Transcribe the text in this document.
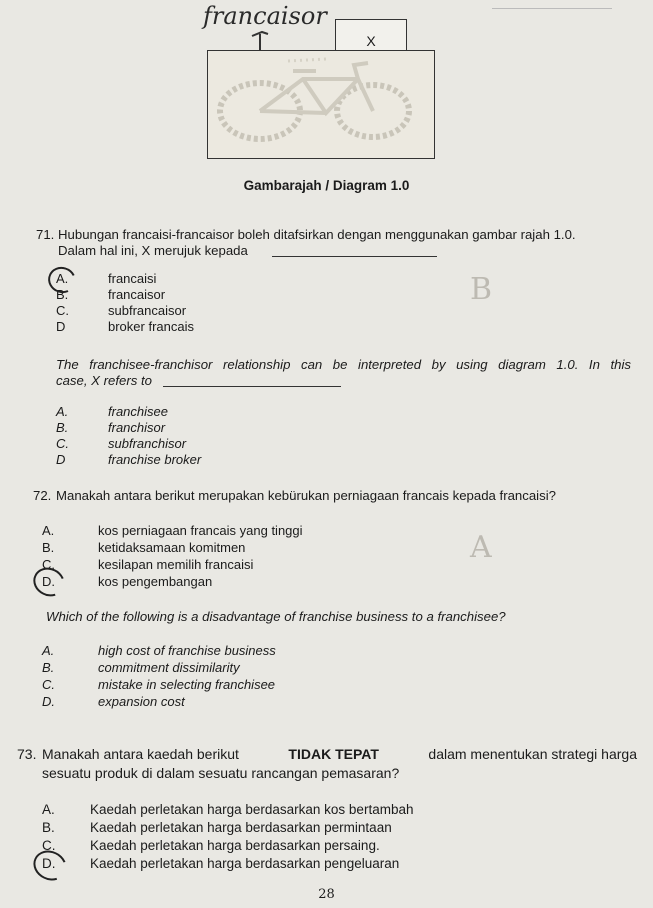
francaisor
X
Gambarajah / Diagram 1.0
71. Hubungan francaisi-francaisor boleh ditafsirkan dengan menggunakan gambar rajah 1.0.
Dalam hal ini, X merujuk kepada
A.	francaisi
B.	francaisor
C.	subfrancaisor
D	broker francais
B
The franchisee-franchisor relationship can be interpreted by using diagram 1.0. In this
case, X refers to
A.	franchisee
B.	franchisor
C.	subfranchisor
D	franchise broker
72. Manakah antara berikut merupakan kebürukan perniagaan francais kepada francaisi?
A.	kos perniagaan francais yang tinggi
B.	ketidaksamaan komitmen
C.	kesilapan memilih francaisi
D.	kos pengembangan
A
Which of the following is a disadvantage of franchise business to a franchisee?
A.	high cost of franchise business
B.	commitment dissimilarity
C.	mistake in selecting franchisee
D.	expansion cost
73. Manakah antara kaedah berikut	TIDAK TEPAT	dalam menentukan strategi harga
sesuatu produk di dalam sesuatu rancangan pemasaran?
A.	Kaedah perletakan harga berdasarkan kos bertambah
B.	Kaedah perletakan harga berdasarkan permintaan
C.	Kaedah perletakan harga berdasarkan persaing.
D.	Kaedah perletakan harga berdasarkan pengeluaran
28
